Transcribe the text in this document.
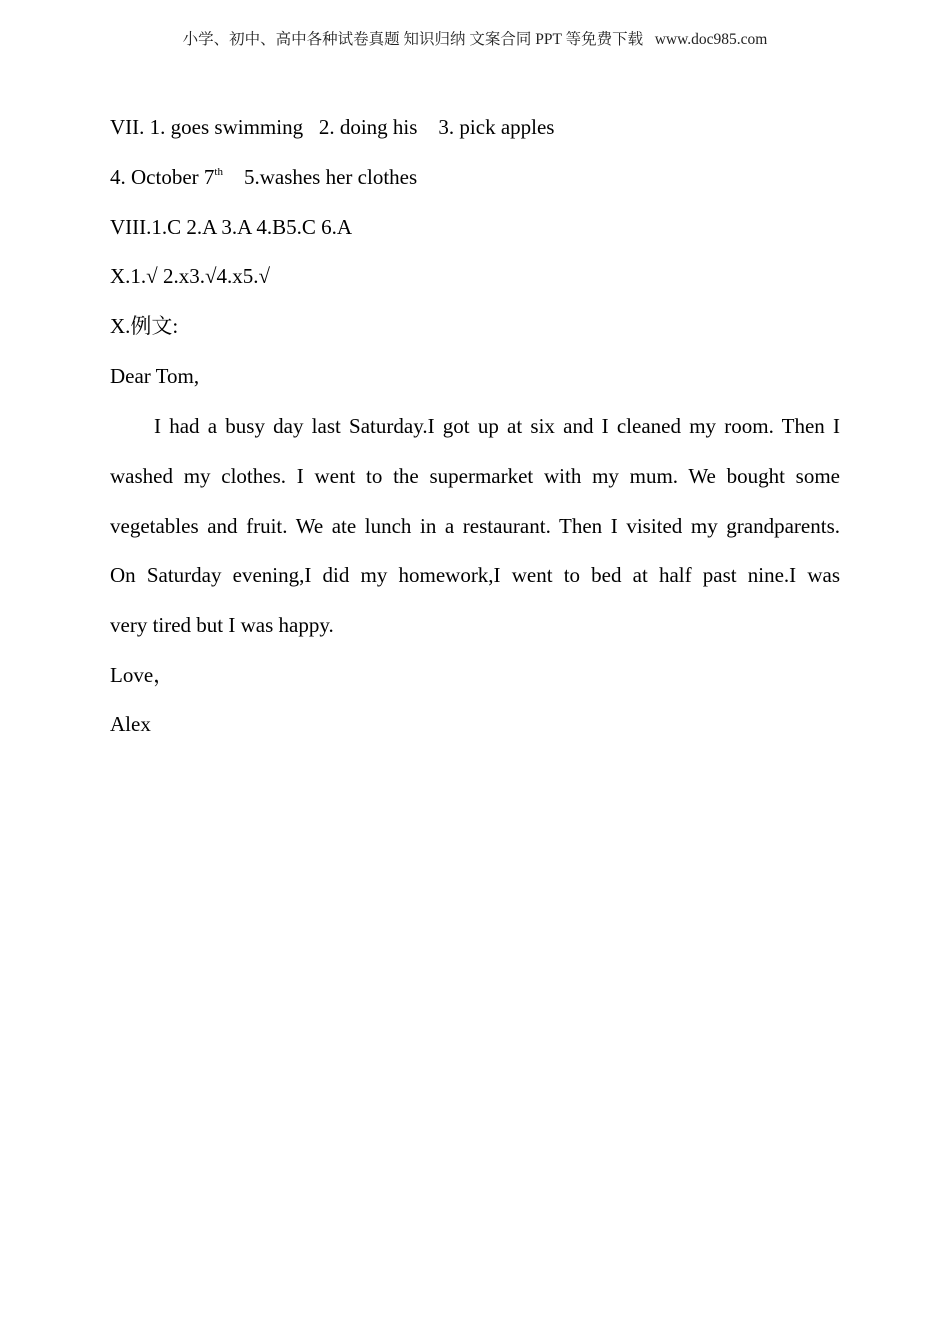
小学、初中、高中各种试卷真题 知识归纳 文案合同 PPT 等免费下载   www.doc985.com
VII. 1. goes swimming   2. doing his    3. pick apples
4. October 7th    5.washes her clothes
VIII.1.C 2.A 3.A 4.B5.C 6.A
X.1.√ 2.x3.√4.x5.√
X.例文:
Dear Tom,
I had a busy day last Saturday.I got up at six and I cleaned my room. Then I
washed my clothes. I went to the supermarket with my mum. We bought some
vegetables and fruit. We ate lunch in a restaurant. Then I visited my grandparents.
On Saturday evening,I did my homework,I went to bed at half past nine.I was
very tired but I was happy.
Love，
Alex
